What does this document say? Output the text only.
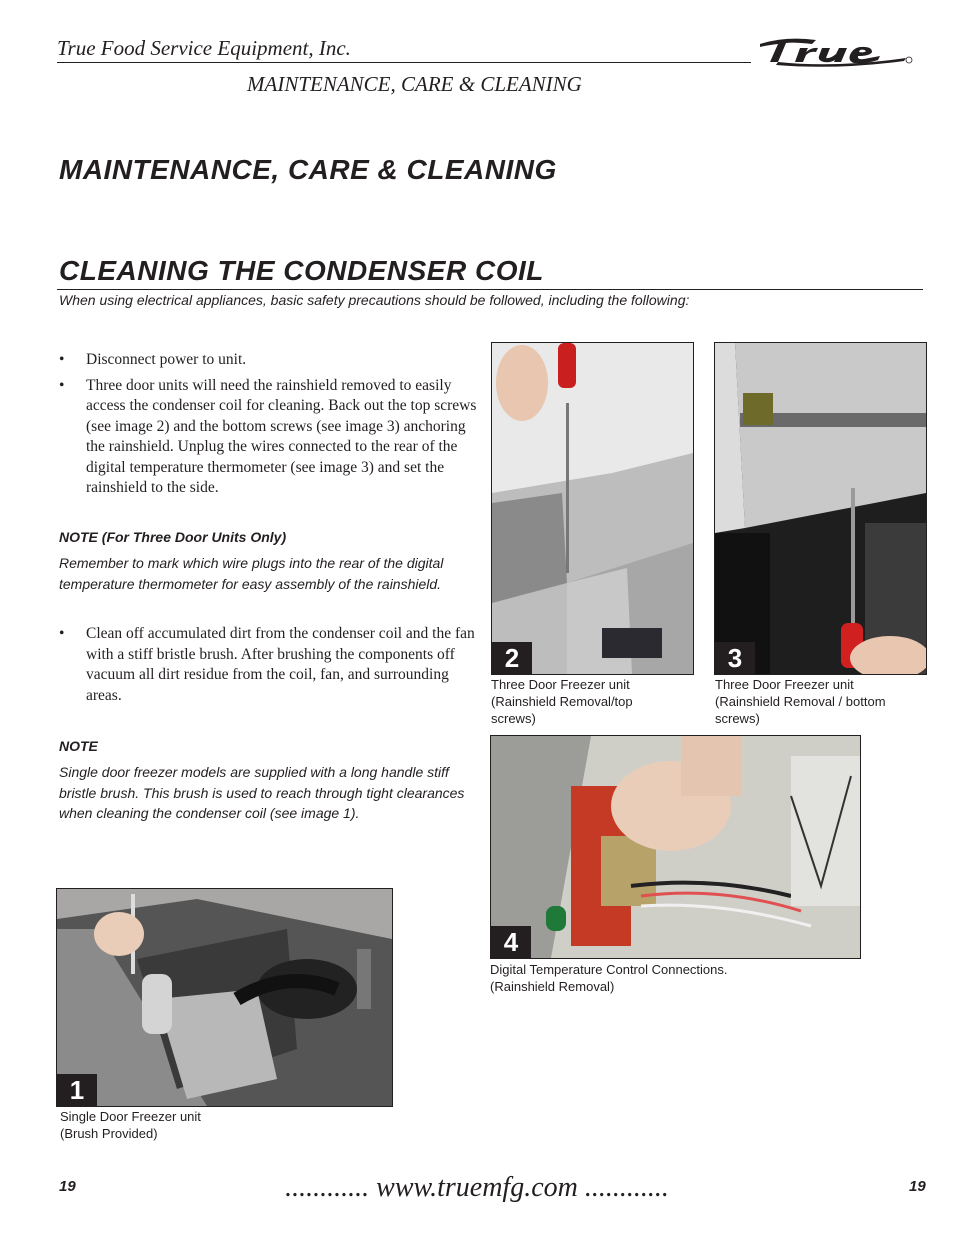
True Food Service Equipment, Inc.
MAINTENANCE, CARE & CLEANING
MAINTENANCE, CARE & CLEANING
CLEANING THE CONDENSER COIL
When using electrical appliances, basic safety precautions should be followed, including the following:
• Disconnect power to unit.
• Three door units will need the rainshield removed to easily access the condenser coil for cleaning. Back out the top screws (see image 2) and the bottom screws (see image 3) anchoring the rainshield. Unplug the wires connected to the rear of the digital temperature thermometer (see image 3) and set the rainshield to the side.
NOTE (For Three Door Units Only)
Remember to mark which wire plugs into the rear of the digital temperature thermometer for easy assembly of the rainshield.
• Clean off accumulated dirt from the condenser coil and the fan with a stiff bristle brush. After brushing the components off vacuum all dirt residue from the coil, fan, and surrounding areas.
NOTE
Single door freezer models are supplied with a long handle stiff bristle brush. This brush is used to reach through tight clearances when cleaning the condenser coil (see image 1).
2
Three Door Freezer unit
(Rainshield Removal/top
screws)
3
Three Door Freezer unit
(Rainshield Removal / bottom
screws)
4
Digital Temperature Control Connections.
(Rainshield Removal)
1
Single Door Freezer unit
(Brush Provided)
19	............ www.truemfg.com ............	19
